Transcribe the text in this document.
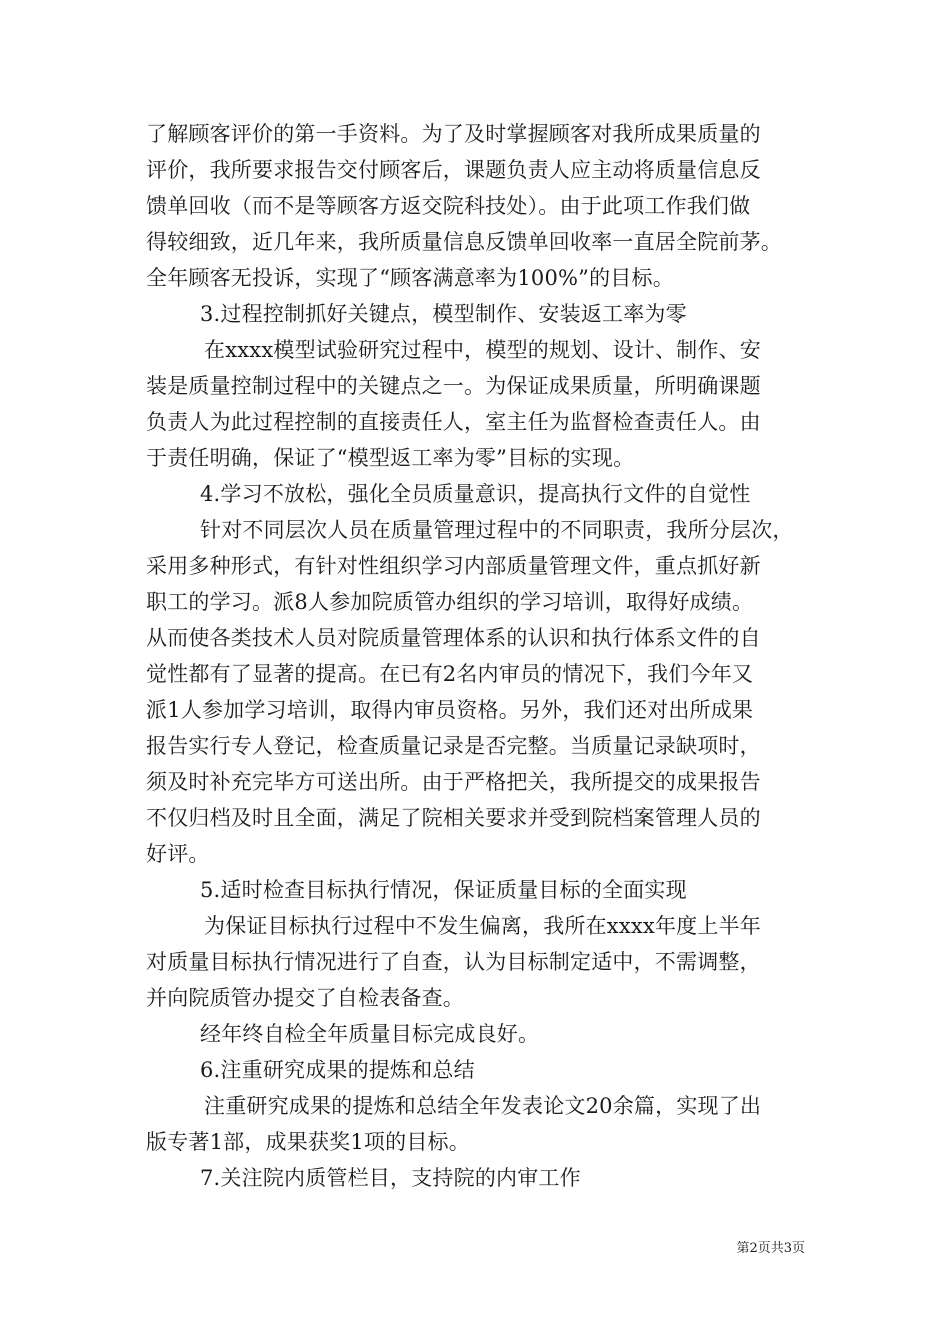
了解顾客评价的第一手资料。为了及时掌握顾客对我所成果质量的
评价，我所要求报告交付顾客后，课题负责人应主动将质量信息反
馈单回收（而不是等顾客方返交院科技处）。由于此项工作我们做
得较细致，近几年来，我所质量信息反馈单回收率一直居全院前茅。
全年顾客无投诉，实现了“顾客满意率为100%”的目标。
3.过程控制抓好关键点，模型制作、安装返工率为零
在xxxx模型试验研究过程中，模型的规划、设计、制作、安
装是质量控制过程中的关键点之一。为保证成果质量，所明确课题
负责人为此过程控制的直接责任人，室主任为监督检查责任人。由
于责任明确，保证了“模型返工率为零”目标的实现。
4.学习不放松，强化全员质量意识，提高执行文件的自觉性
针对不同层次人员在质量管理过程中的不同职责，我所分层次，
采用多种形式，有针对性组织学习内部质量管理文件，重点抓好新
职工的学习。派8人参加院质管办组织的学习培训，取得好成绩。
从而使各类技术人员对院质量管理体系的认识和执行体系文件的自
觉性都有了显著的提高。在已有2名内审员的情况下，我们今年又
派1人参加学习培训，取得内审员资格。另外，我们还对出所成果
报告实行专人登记，检查质量记录是否完整。当质量记录缺项时，
须及时补充完毕方可送出所。由于严格把关，我所提交的成果报告
不仅归档及时且全面，满足了院相关要求并受到院档案管理人员的
好评。
5.适时检查目标执行情况，保证质量目标的全面实现
为保证目标执行过程中不发生偏离，我所在xxxx年度上半年
对质量目标执行情况进行了自查，认为目标制定适中，不需调整，
并向院质管办提交了自检表备查。
经年终自检全年质量目标完成良好。
6.注重研究成果的提炼和总结
注重研究成果的提炼和总结全年发表论文20余篇，实现了出
版专著1部，成果获奖1项的目标。
7.关注院内质管栏目，支持院的内审工作
第2页共3页
